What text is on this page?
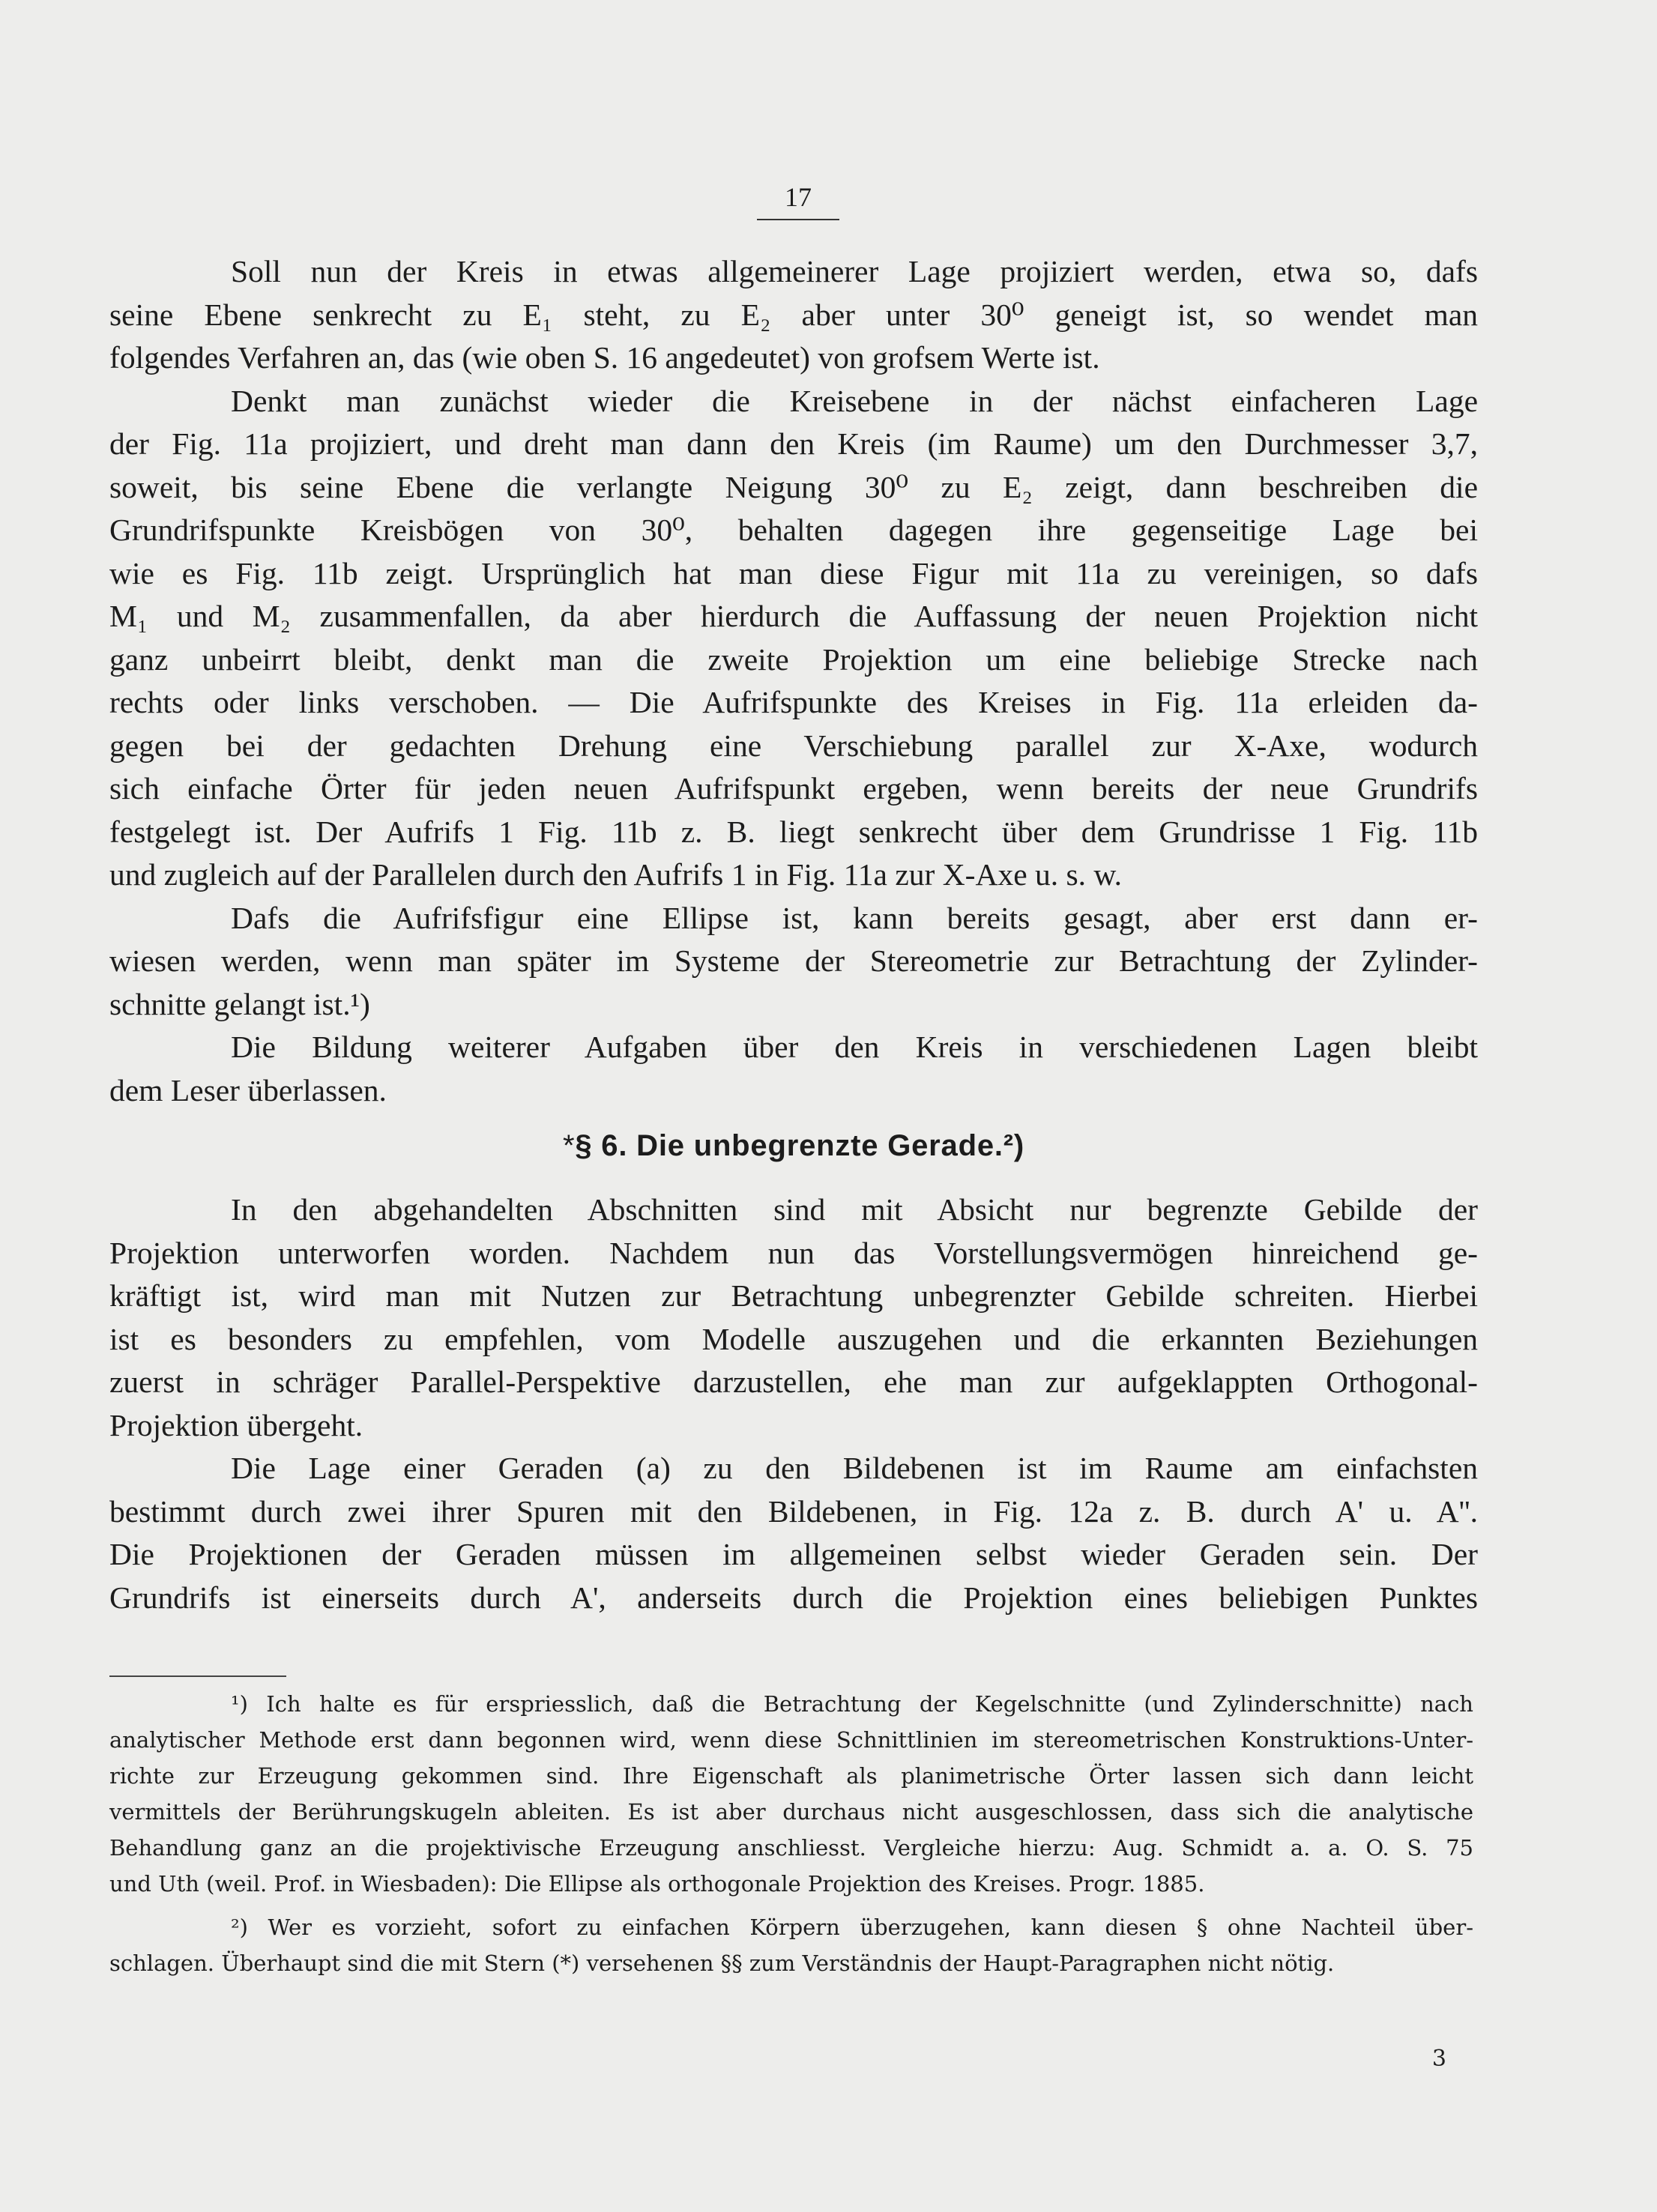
17
Soll nun der Kreis in etwas allgemeinerer Lage projiziert werden, etwa so, dafs
seine Ebene senkrecht zu E₁ steht, zu E₂ aber unter 30⁰ geneigt ist, so wendet man
folgendes Verfahren an, das (wie oben S. 16 angedeutet) von grofsem Werte ist.
Denkt man zunächst wieder die Kreisebene in der nächst einfacheren Lage
der Fig. 11a projiziert, und dreht man dann den Kreis (im Raume) um den Durchmesser 3,7,
soweit, bis seine Ebene die verlangte Neigung 30⁰ zu E₂ zeigt, dann beschreiben die
Grundrifspunkte Kreisbögen von 30⁰, behalten dagegen ihre gegenseitige Lage bei
wie es Fig. 11b zeigt. Ursprünglich hat man diese Figur mit 11a zu vereinigen, so dafs
M₁ und M₂ zusammenfallen, da aber hierdurch die Auffassung der neuen Projektion nicht
ganz unbeirrt bleibt, denkt man die zweite Projektion um eine beliebige Strecke nach
rechts oder links verschoben. — Die Aufrifspunkte des Kreises in Fig. 11a erleiden da-
gegen bei der gedachten Drehung eine Verschiebung parallel zur X-Axe, wodurch
sich einfache Örter für jeden neuen Aufrifspunkt ergeben, wenn bereits der neue Grundrifs
festgelegt ist. Der Aufrifs 1 Fig. 11b z. B. liegt senkrecht über dem Grundrisse 1 Fig. 11b
und zugleich auf der Parallelen durch den Aufrifs 1 in Fig. 11a zur X-Axe u. s. w.
Dafs die Aufrifsfigur eine Ellipse ist, kann bereits gesagt, aber erst dann er-
wiesen werden, wenn man später im Systeme der Stereometrie zur Betrachtung der Zylinder-
schnitte gelangt ist.¹)
Die Bildung weiterer Aufgaben über den Kreis in verschiedenen Lagen bleibt
dem Leser überlassen.
*§ 6. Die unbegrenzte Gerade.²)
In den abgehandelten Abschnitten sind mit Absicht nur begrenzte Gebilde der
Projektion unterworfen worden. Nachdem nun das Vorstellungsvermögen hinreichend ge-
kräftigt ist, wird man mit Nutzen zur Betrachtung unbegrenzter Gebilde schreiten. Hierbei
ist es besonders zu empfehlen, vom Modelle auszugehen und die erkannten Beziehungen
zuerst in schräger Parallel-Perspektive darzustellen, ehe man zur aufgeklappten Orthogonal-
Projektion übergeht.
Die Lage einer Geraden (a) zu den Bildebenen ist im Raume am einfachsten
bestimmt durch zwei ihrer Spuren mit den Bildebenen, in Fig. 12a z. B. durch A' u. A''.
Die Projektionen der Geraden müssen im allgemeinen selbst wieder Geraden sein. Der
Grundrifs ist einerseits durch A', anderseits durch die Projektion eines beliebigen Punktes
¹) Ich halte es für erspriesslich, daß die Betrachtung der Kegelschnitte (und Zylinderschnitte) nach
analytischer Methode erst dann begonnen wird, wenn diese Schnittlinien im stereometrischen Konstruktions-Unter-
richte zur Erzeugung gekommen sind. Ihre Eigenschaft als planimetrische Örter lassen sich dann leicht
vermittels der Berührungskugeln ableiten. Es ist aber durchaus nicht ausgeschlossen, dass sich die analytische
Behandlung ganz an die projektivische Erzeugung anschliesst. Vergleiche hierzu: Aug. Schmidt a. a. O. S. 75
und Uth (weil. Prof. in Wiesbaden): Die Ellipse als orthogonale Projektion des Kreises. Progr. 1885.
²) Wer es vorzieht, sofort zu einfachen Körpern überzugehen, kann diesen § ohne Nachteil über-
schlagen. Überhaupt sind die mit Stern (*) versehenen §§ zum Verständnis der Haupt-Paragraphen nicht nötig.
3
